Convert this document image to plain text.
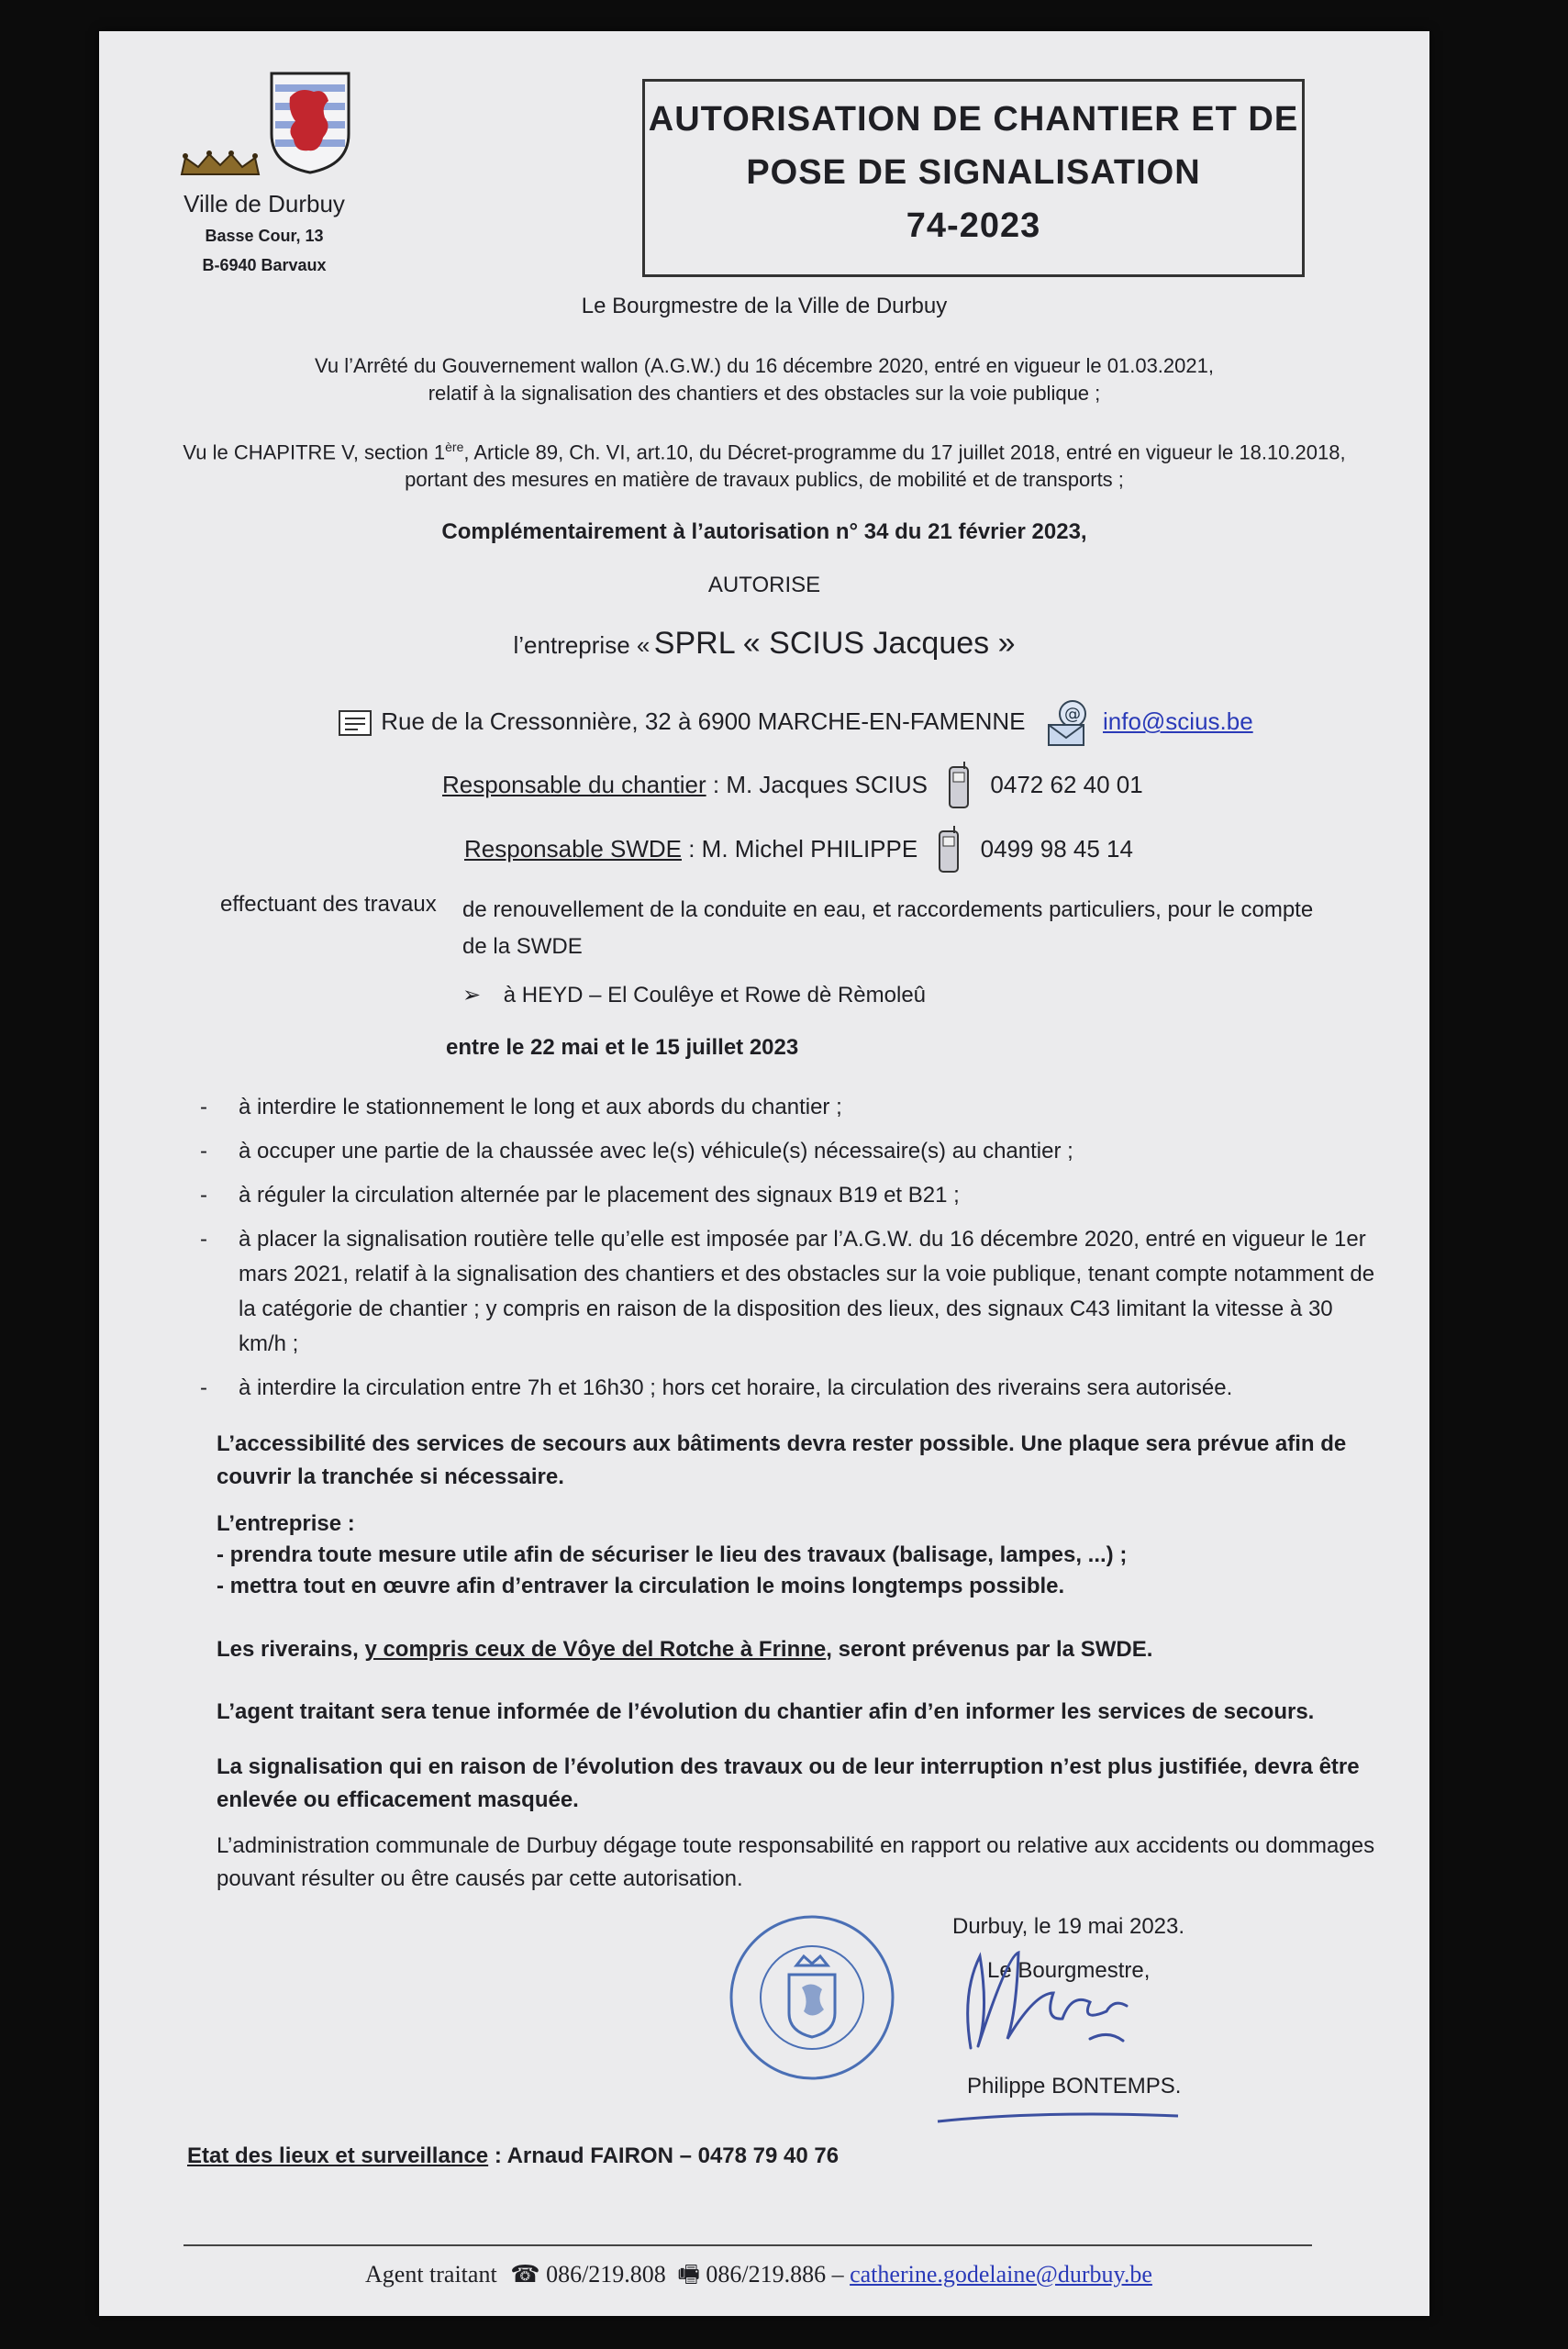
Ville de Durbuy
Basse Cour, 13
B-6940 Barvaux
AUTORISATION DE CHANTIER ET DE
POSE DE SIGNALISATION
74-2023
Le Bourgmestre de la Ville de Durbuy
Vu l’Arrêté du Gouvernement wallon (A.G.W.) du 16 décembre 2020, entré en vigueur le 01.03.2021,
relatif à la signalisation des chantiers et des obstacles sur la voie publique ;
Vu le CHAPITRE V, section 1ère, Article 89, Ch. VI, art.10, du Décret-programme du 17 juillet 2018, entré en vigueur le 18.10.2018,
portant des mesures en matière de travaux publics, de mobilité et de transports ;
Complémentairement à l’autorisation n° 34 du 21 février 2023,
AUTORISE
l’entreprise « SPRL « SCIUS Jacques »
Rue de la Cressonnière, 32 à 6900 MARCHE-EN-FAMENNE @ info@scius.be
Responsable du chantier : M. Jacques SCIUS	0472 62 40 01
Responsable SWDE : M. Michel PHILIPPE	0499 98 45 14
effectuant des travaux de renouvellement de la conduite en eau, et raccordements particuliers, pour le compte
de la SWDE
➢ à HEYD – El Coulêye et Rowe dè Rèmoleû
entre le 22 mai et le 15 juillet 2023
- à interdire le stationnement le long et aux abords du chantier ;
- à occuper une partie de la chaussée avec le(s) véhicule(s) nécessaire(s) au chantier ;
- à réguler la circulation alternée par le placement des signaux B19 et B21 ;
- à placer la signalisation routière telle qu’elle est imposée par l’A.G.W. du 16 décembre 2020, entré en vigueur le 1er mars 2021, relatif à la signalisation des chantiers et des obstacles sur la voie publique, tenant compte notamment de la catégorie de chantier ; y compris en raison de la disposition des lieux, des signaux C43 limitant la vitesse à 30 km/h ;
- à interdire la circulation entre 7h et 16h30 ; hors cet horaire, la circulation des riverains sera autorisée.
L’accessibilité des services de secours aux bâtiments devra rester possible. Une plaque sera prévue afin de couvrir la tranchée si nécessaire.
L’entreprise :
- prendra toute mesure utile afin de sécuriser le lieu des travaux (balisage, lampes, ...) ;
- mettra tout en œuvre afin d’entraver la circulation le moins longtemps possible.
Les riverains, y compris ceux de Vôye del Rotche à Frinne, seront prévenus par la SWDE.
L’agent traitant sera tenue informée de l’évolution du chantier afin d’en informer les services de secours.
La signalisation qui en raison de l’évolution des travaux ou de leur interruption n’est plus justifiée, devra être enlevée ou efficacement masquée.
L’administration communale de Durbuy dégage toute responsabilité en rapport ou relative aux accidents ou dommages pouvant résulter ou être causés par cette autorisation.
Durbuy, le 19 mai 2023.
Le Bourgmestre,
Philippe BONTEMPS.
Etat des lieux et surveillance : Arnaud FAIRON – 0478 79 40 76
Agent traitant ☎ 086/219.808 🖷 086/219.886 – catherine.godelaine@durbuy.be
